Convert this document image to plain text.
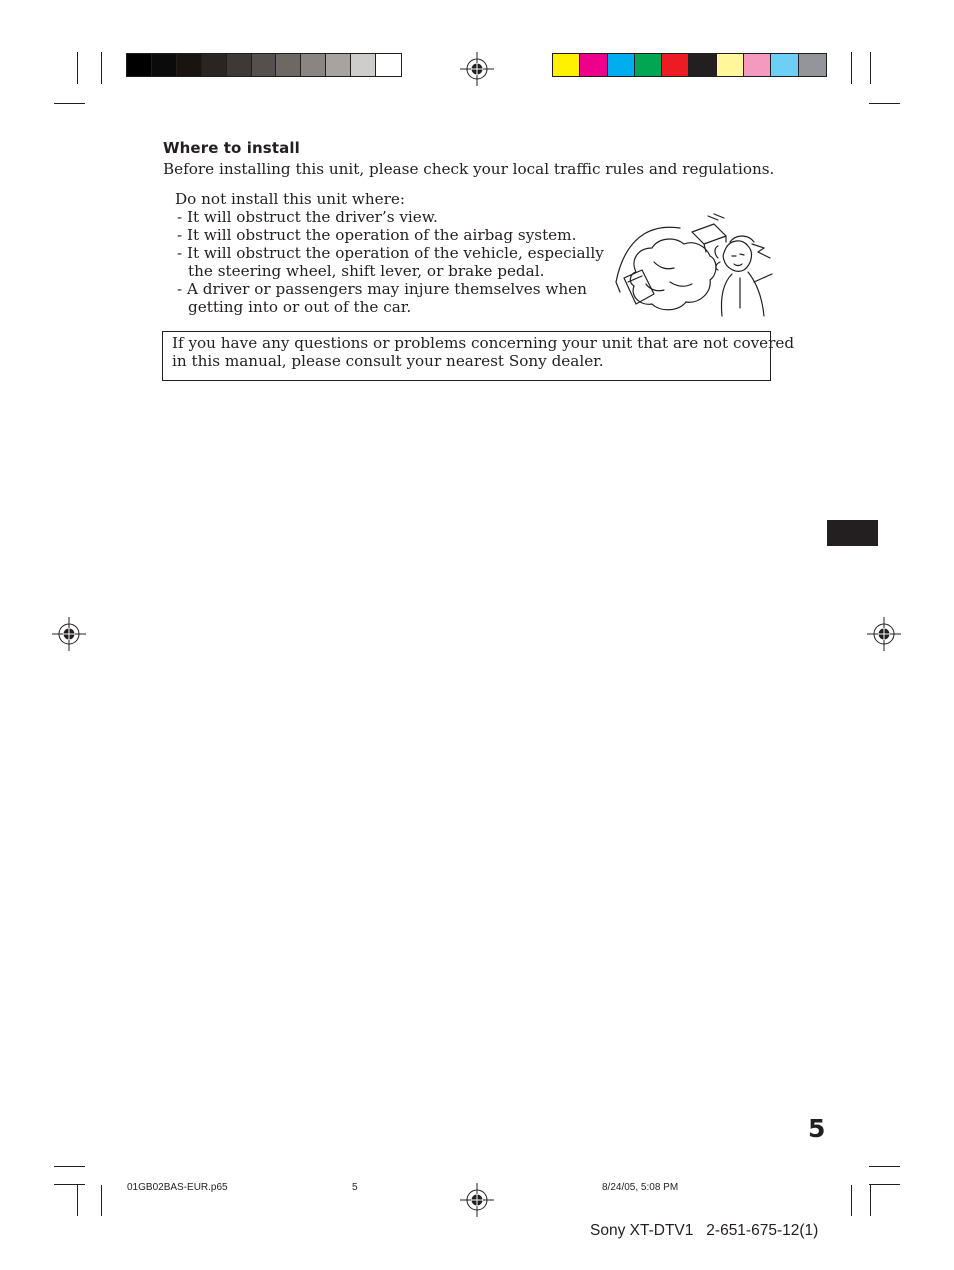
Where to install
Before installing this unit, please check your local traffic rules and regulations.
Do not install this unit where:
- It will obstruct the driver’s view.
- It will obstruct the operation of the airbag system.
- It will obstruct the operation of the vehicle, especially
the steering wheel, shift lever, or brake pedal.
- A driver or passengers may injure themselves when
getting into or out of the car.
If you have any questions or problems concerning your unit that are not covered
in this manual, please consult your nearest Sony dealer.
5
01GB02BAS-EUR.p65	5	8/24/05, 5:08 PM
Sony XT-DTV1   2-651-675-12(1)
